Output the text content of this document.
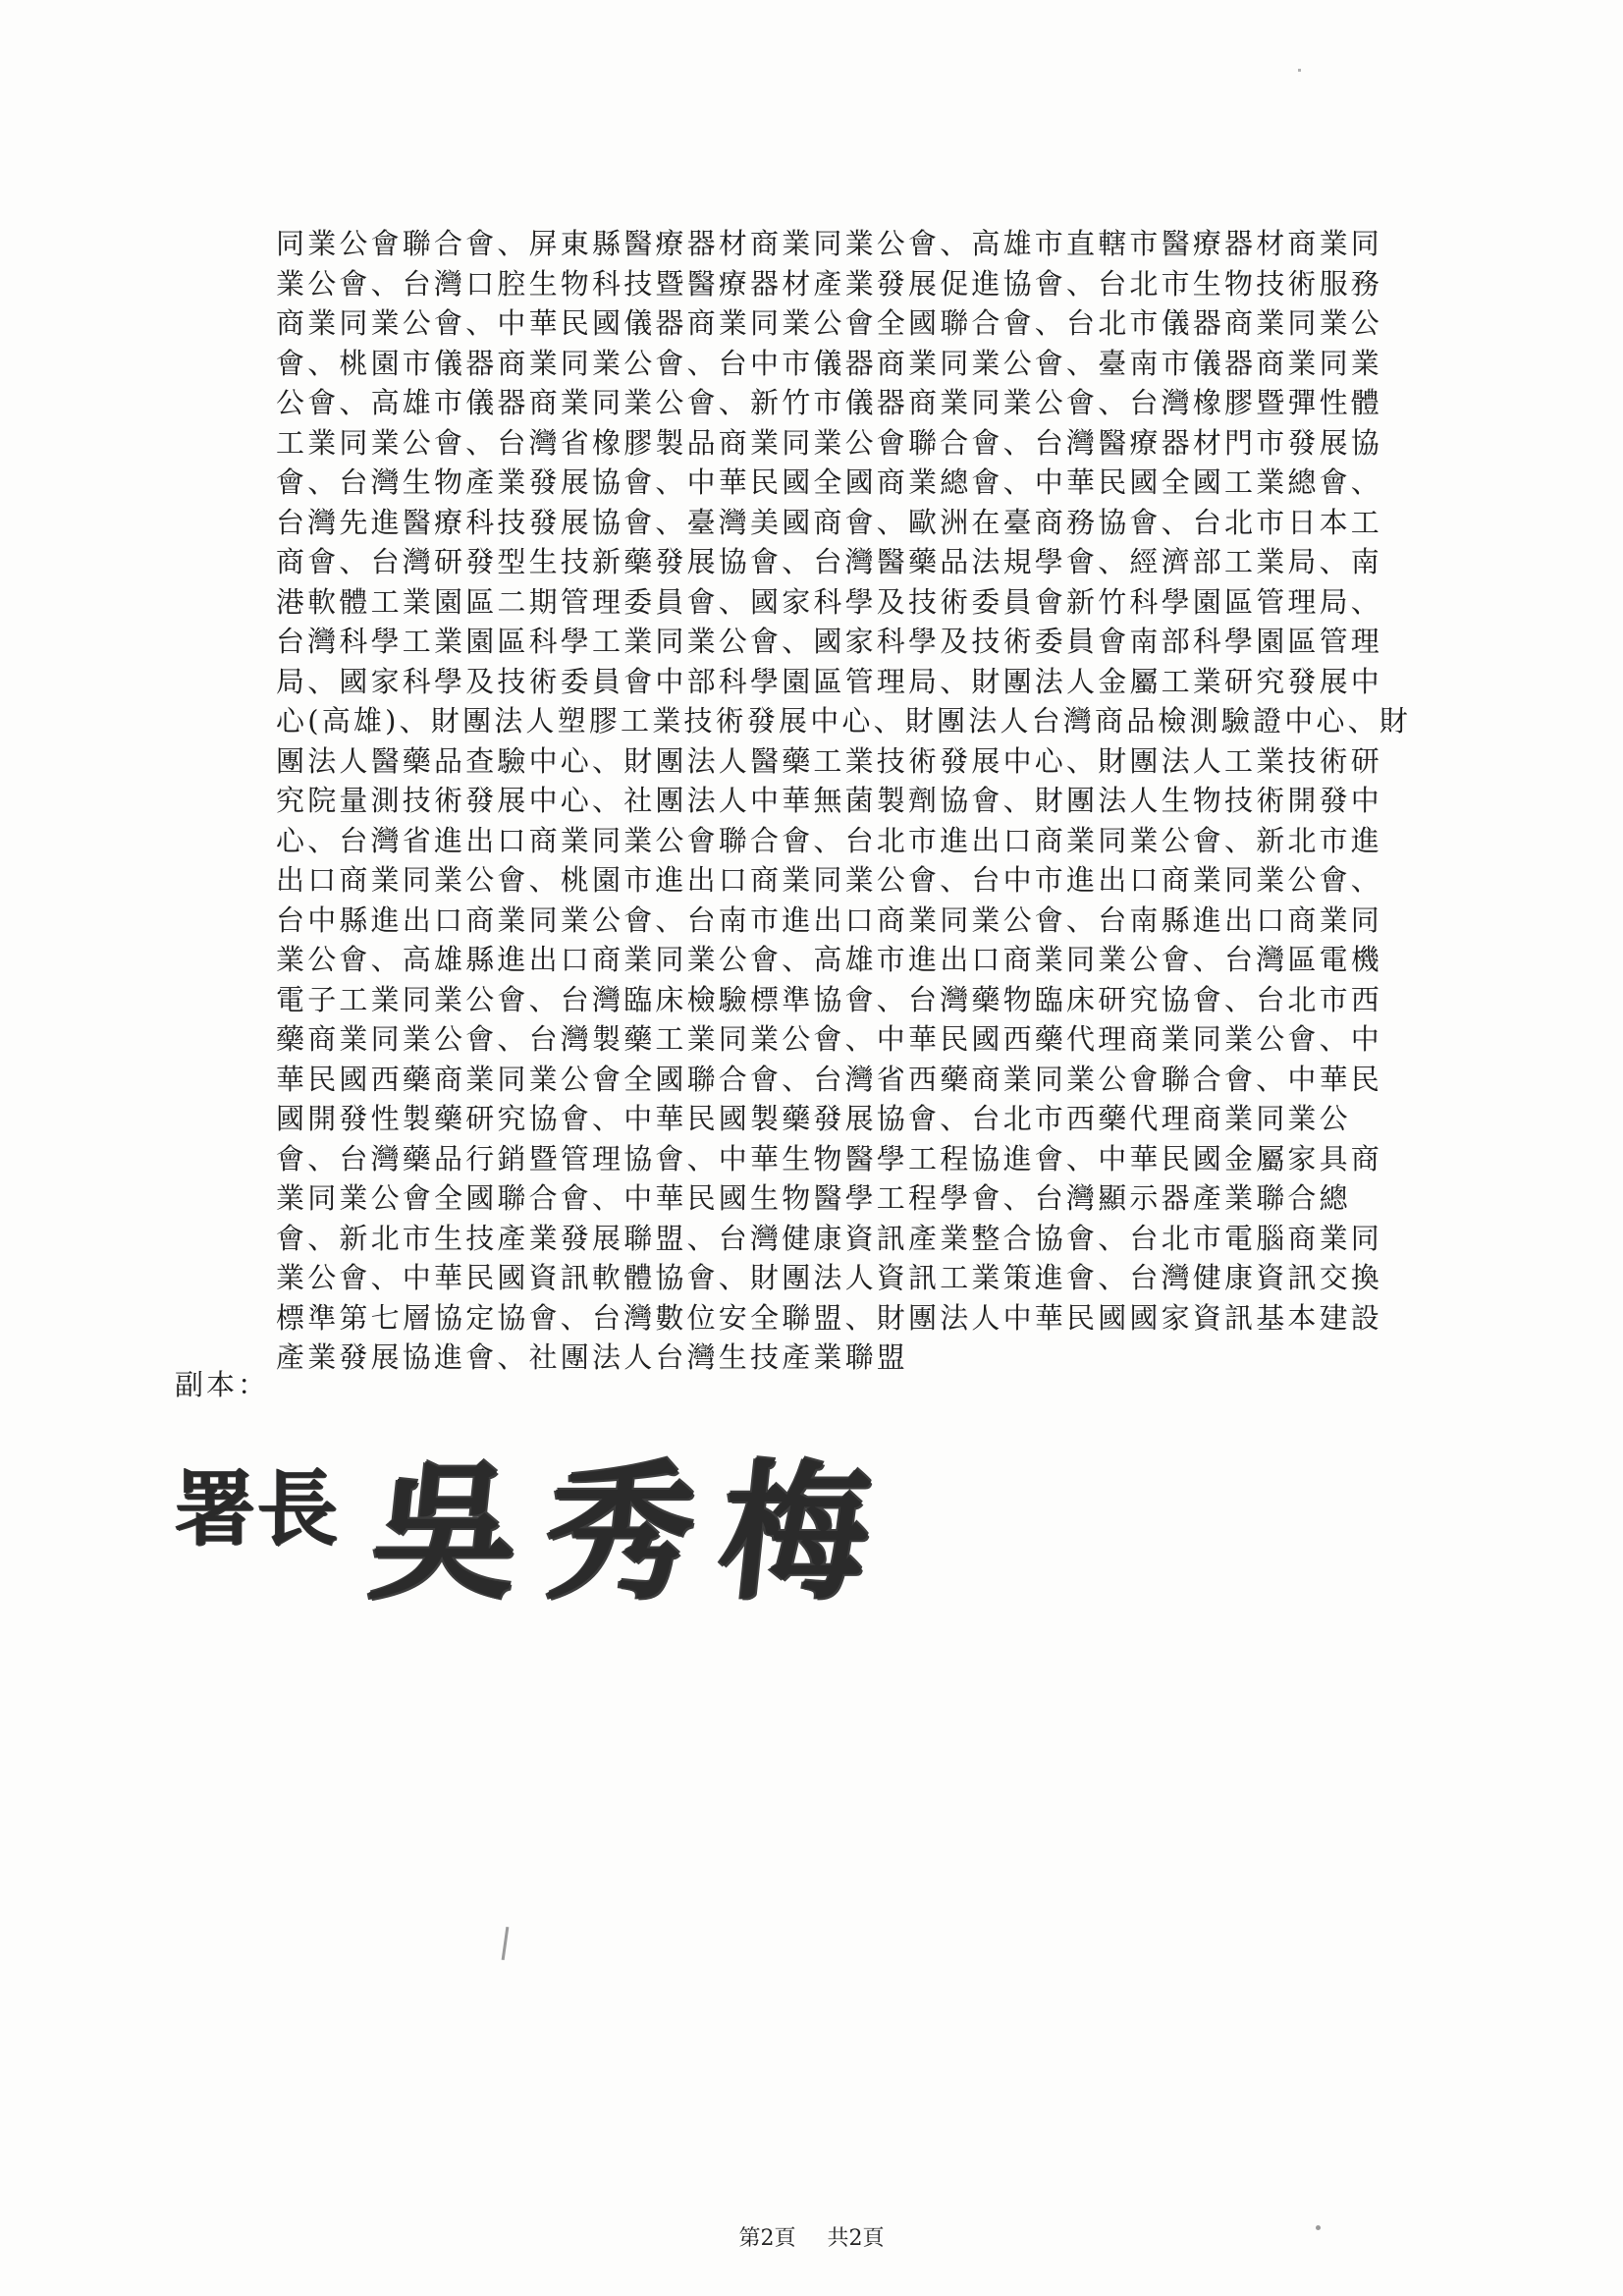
同業公會聯合會、屏東縣醫療器材商業同業公會、高雄市直轄市醫療器材商業同
業公會、台灣口腔生物科技暨醫療器材產業發展促進協會、台北市生物技術服務
商業同業公會、中華民國儀器商業同業公會全國聯合會、台北市儀器商業同業公
會、桃園市儀器商業同業公會、台中市儀器商業同業公會、臺南市儀器商業同業
公會、高雄市儀器商業同業公會、新竹市儀器商業同業公會、台灣橡膠暨彈性體
工業同業公會、台灣省橡膠製品商業同業公會聯合會、台灣醫療器材門市發展協
會、台灣生物產業發展協會、中華民國全國商業總會、中華民國全國工業總會、
台灣先進醫療科技發展協會、臺灣美國商會、歐洲在臺商務協會、台北市日本工
商會、台灣研發型生技新藥發展協會、台灣醫藥品法規學會、經濟部工業局、南
港軟體工業園區二期管理委員會、國家科學及技術委員會新竹科學園區管理局、
台灣科學工業園區科學工業同業公會、國家科學及技術委員會南部科學園區管理
局、國家科學及技術委員會中部科學園區管理局、財團法人金屬工業研究發展中
心(高雄)、財團法人塑膠工業技術發展中心、財團法人台灣商品檢測驗證中心、財
團法人醫藥品查驗中心、財團法人醫藥工業技術發展中心、財團法人工業技術研
究院量測技術發展中心、社團法人中華無菌製劑協會、財團法人生物技術開發中
心、台灣省進出口商業同業公會聯合會、台北市進出口商業同業公會、新北市進
出口商業同業公會、桃園市進出口商業同業公會、台中市進出口商業同業公會、
台中縣進出口商業同業公會、台南市進出口商業同業公會、台南縣進出口商業同
業公會、高雄縣進出口商業同業公會、高雄市進出口商業同業公會、台灣區電機
電子工業同業公會、台灣臨床檢驗標準協會、台灣藥物臨床研究協會、台北市西
藥商業同業公會、台灣製藥工業同業公會、中華民國西藥代理商業同業公會、中
華民國西藥商業同業公會全國聯合會、台灣省西藥商業同業公會聯合會、中華民
國開發性製藥研究協會、中華民國製藥發展協會、台北市西藥代理商業同業公
會、台灣藥品行銷暨管理協會、中華生物醫學工程協進會、中華民國金屬家具商
業同業公會全國聯合會、中華民國生物醫學工程學會、台灣顯示器產業聯合總
會、新北市生技產業發展聯盟、台灣健康資訊產業整合協會、台北市電腦商業同
業公會、中華民國資訊軟體協會、財團法人資訊工業策進會、台灣健康資訊交換
標準第七層協定協會、台灣數位安全聯盟、財團法人中華民國國家資訊基本建設
產業發展協進會、社團法人台灣生技產業聯盟
副本：
署長 吳秀梅
第2頁 共2頁
